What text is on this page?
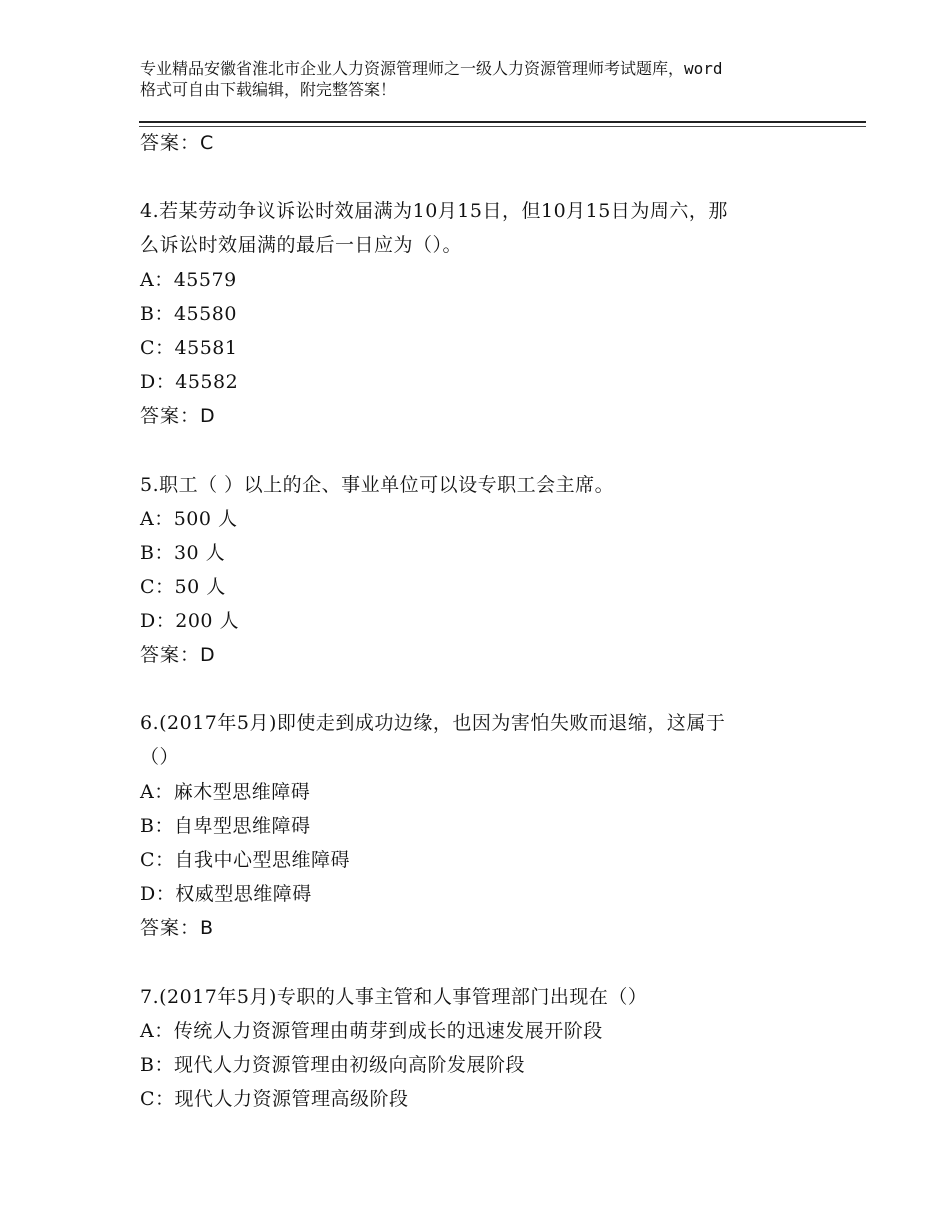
专业精品安徽省淮北市企业人力资源管理师之一级人力资源管理师考试题库，word
格式可自由下载编辑，附完整答案！
答案：C
4.若某劳动争议诉讼时效届满为10月15日，但10月15日为周六，那
么诉讼时效届满的最后一日应为（）。
A：45579
B：45580
C：45581
D：45582
答案：D
5.职工（ ）以上的企、事业单位可以设专职工会主席。
A：500 人
B：30 人
C：50 人
D：200 人
答案：D
6.(2017年5月)即使走到成功边缘，也因为害怕失败而退缩，这属于
（）
A：麻木型思维障碍
B：自卑型思维障碍
C：自我中心型思维障碍
D：权威型思维障碍
答案：B
7.(2017年5月)专职的人事主管和人事管理部门出现在（）
A：传统人力资源管理由萌芽到成长的迅速发展开阶段
B：现代人力资源管理由初级向高阶发展阶段
C：现代人力资源管理高级阶段
